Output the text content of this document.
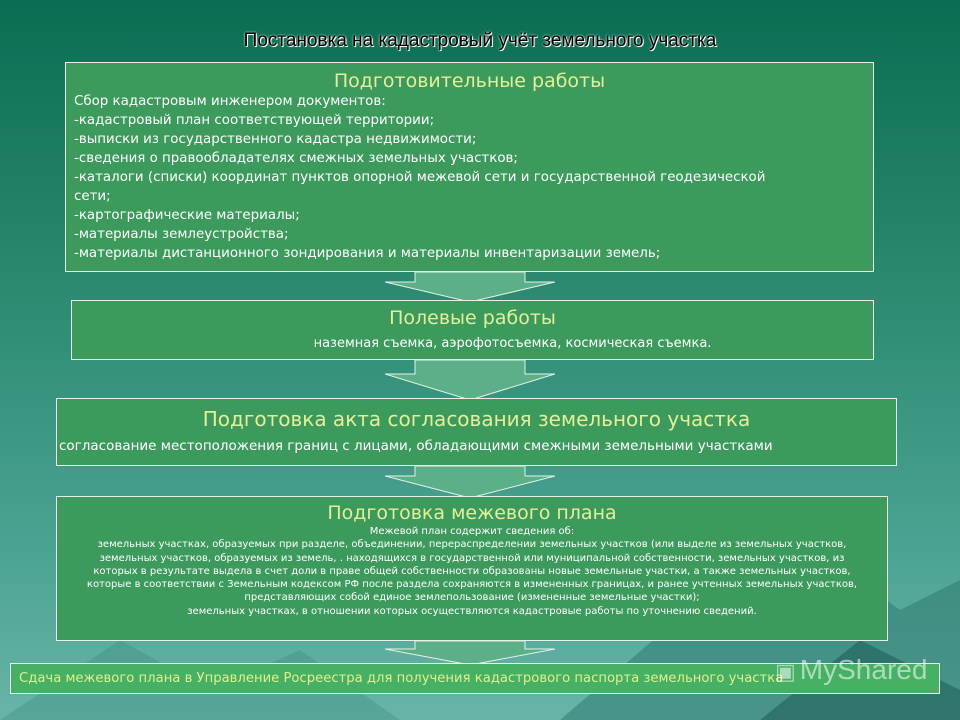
Постановка на кадастровый учёт земельного участка
Подготовительные работы
Сбор кадастровым инженером документов:
-кадастровый план соответствующей территории;
-выписки из государственного кадастра недвижимости;
-сведения о правообладателях смежных земельных участков;
-каталоги (списки) координат пунктов опорной межевой сети и государственной геодезической сети;
-картографические материалы;
-материалы землеустройства;
-материалы дистанционного зондирования и материалы инвентаризации земель;
Полевые работы
наземная съемка, аэрофотосъемка, космическая съемка.
Подготовка акта согласования земельного участка
согласование местоположения границ с лицами, обладающими смежными земельными участками
Подготовка межевого плана
Межевой план содержит сведения об:
земельных участках, образуемых при разделе, объединении, перераспределении земельных участков (или выделе из земельных участков, земельных участков, образуемых из земель, . находящихся в государственной или муниципальной собственности, земельных участков, из которых в результате выдела в счет доли в праве общей собственности образованы новые земельные участки, а также земельных участков, которые в соответствии с Земельным кодексом РФ после раздела сохраняются в измененных границах, и ранее учтенных земельных участков, представляющих собой единое землепользование (измененные земельные участки);
земельных участках, в отношении которых осуществляются кадастровые работы по уточнению сведений.
Сдача межевого плана в Управление Росреестра для получения кадастрового паспорта земельного участка
▣ MyShared
